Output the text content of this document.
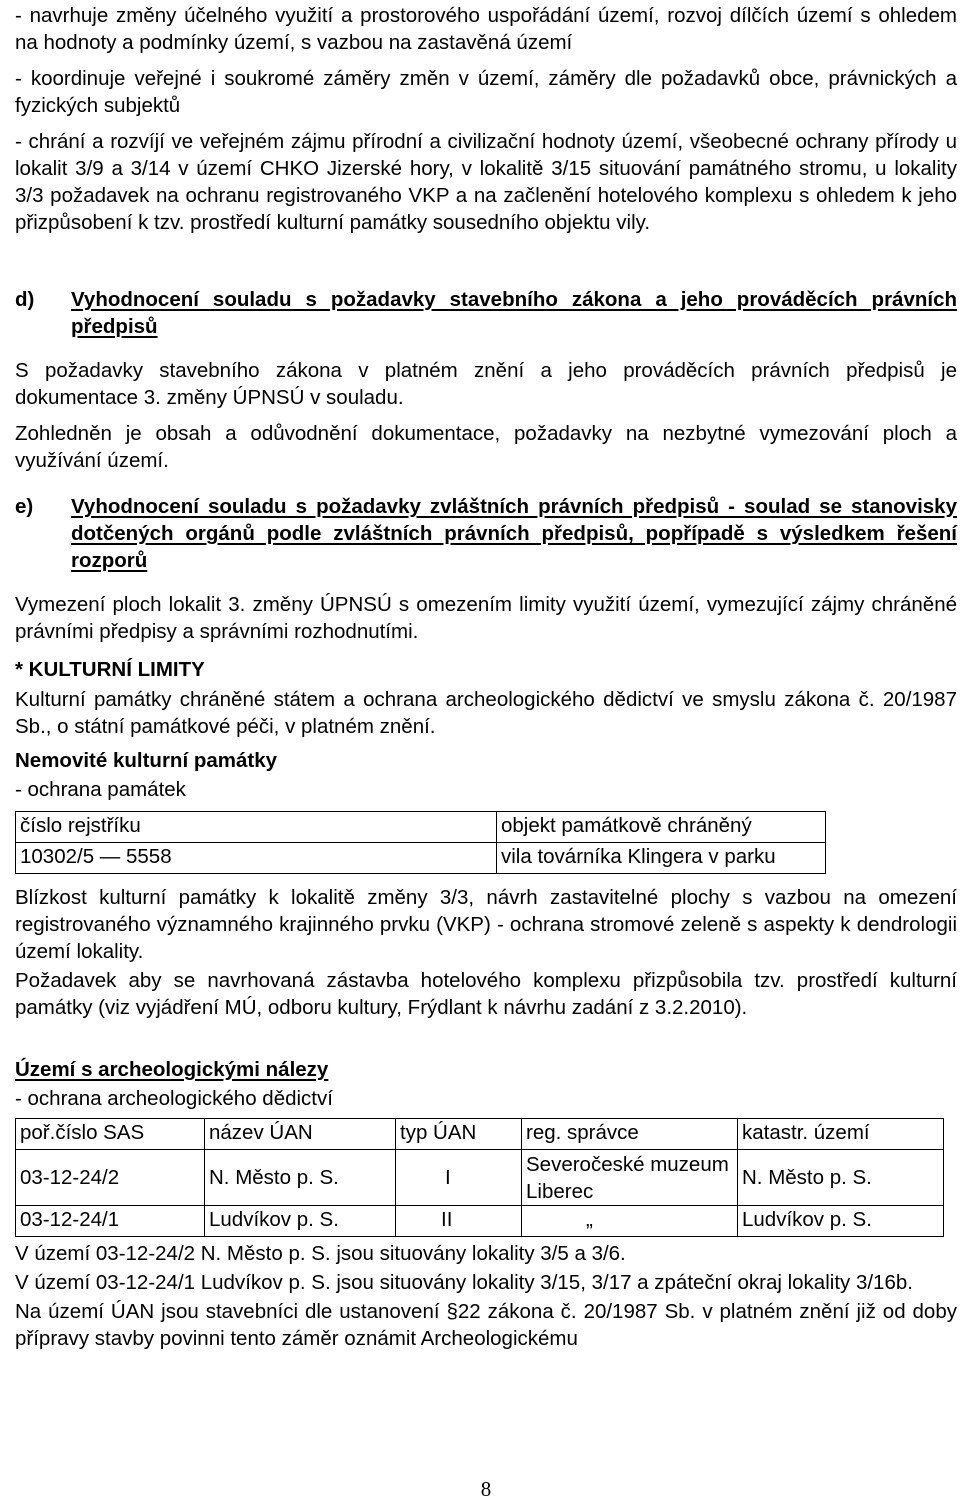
- navrhuje změny účelného využití a prostorového uspořádání území, rozvoj dílčích území s ohledem na hodnoty a podmínky území, s vazbou na zastavěná území

- koordinuje veřejné i soukromé záměry změn v území, záměry dle požadavků obce, právnických a fyzických subjektů

- chrání a rozvíjí ve veřejném zájmu přírodní a civilizační hodnoty území, všeobecné ochrany přírody u lokalit 3/9 a 3/14 v území CHKO Jizerské hory, v lokalitě 3/15 situování památného stromu, u lokality 3/3 požadavek na ochranu registrovaného VKP a na začlenění hotelového komplexu s ohledem k jeho přizpůsobení k tzv. prostředí kulturní památky sousedního objektu vily.

d)	Vyhodnocení souladu s požadavky stavebního zákona a jeho prováděcích právních předpisů

S požadavky stavebního zákona v platném znění a jeho prováděcích právních předpisů je dokumentace 3. změny ÚPNSÚ v souladu.

Zohledněn je obsah a odůvodnění dokumentace, požadavky na nezbytné vymezování ploch a využívání území.

e)	Vyhodnocení souladu s požadavky zvláštních právních předpisů - soulad se stanovisky dotčených orgánů podle zvláštních právních předpisů, popřípadě s výsledkem řešení rozporů

Vymezení ploch lokalit 3. změny ÚPNSÚ s omezením limity využití území, vymezující zájmy chráněné právními předpisy a správními rozhodnutími.

* KULTURNÍ LIMITY

Kulturní památky chráněné státem a ochrana archeologického dědictví ve smyslu zákona č. 20/1987 Sb., o státní památkové péči, v platném znění.

Nemovité kulturní památky

- ochrana památek

číslo rejstříku	objekt památkově chráněný
10302/5 — 5558	vila továrníka Klingera v parku

Blízkost kulturní památky k lokalitě změny 3/3, návrh zastavitelné plochy s vazbou na omezení registrovaného významného krajinného prvku (VKP) - ochrana stromové zeleně s aspekty k dendrologii území lokality.

Požadavek aby se navrhovaná zástavba hotelového komplexu přizpůsobila tzv. prostředí kulturní památky (viz vyjádření MÚ, odboru kultury, Frýdlant k návrhu zadání z 3.2.2010).

Území s archeologickými nálezy

- ochrana archeologického dědictví

poř.číslo SAS	název ÚAN	typ ÚAN	reg. správce	katastr. území
03-12-24/2	N. Město p. S.	I	Severočeské muzeum Liberec	N. Město p. S.
03-12-24/1	Ludvíkov p. S.	II	„	Ludvíkov p. S.

V území 03-12-24/2 N. Město p. S. jsou situovány lokality 3/5 a 3/6.

V území 03-12-24/1 Ludvíkov p. S. jsou situovány lokality 3/15, 3/17 a zpáteční okraj lokality 3/16b.

Na území ÚAN jsou stavebníci dle ustanovení §22 zákona č. 20/1987 Sb. v platném znění již od doby přípravy stavby povinni tento záměr oznámit Archeologickému

8
